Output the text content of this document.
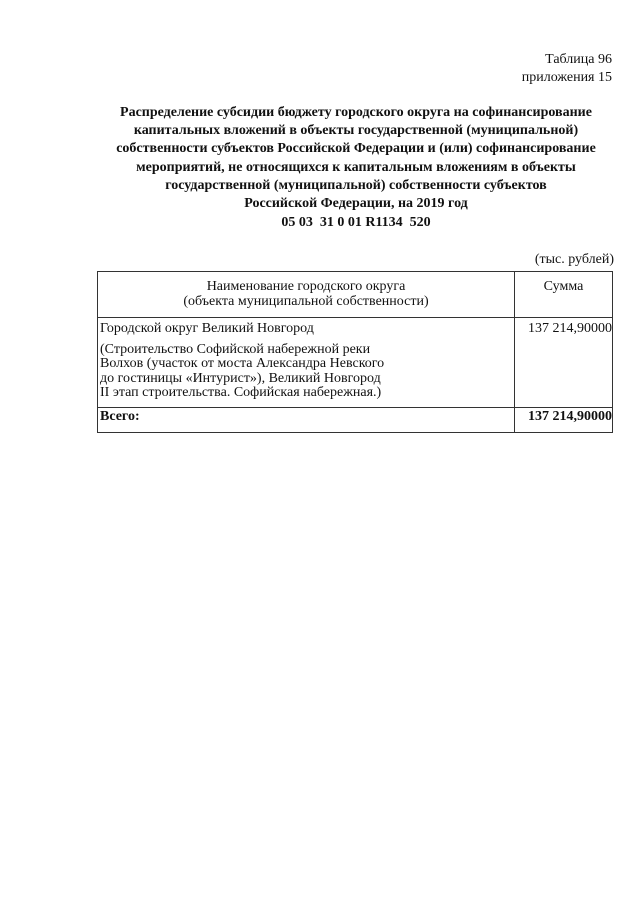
Таблица 96
приложения 15
Распределение субсидии бюджету городского округа на софинансирование
капитальных вложений в объекты государственной (муниципальной)
собственности субъектов Российской Федерации и (или) софинансирование
мероприятий, не относящихся к капитальным вложениям в объекты
государственной (муниципальной) собственности субъектов
Российской Федерации, на 2019 год
05 03  31 0 01 R1134  520
(тыс. рублей)
Наименование городского округа
(объекта муниципальной собственности)	Сумма

Городской округ Великий Новгород
(Строительство Софийской набережной реки
Волхов (участок от моста Александра Невского
до гостиницы «Интурист»), Великий Новгород
II этап строительства. Софийская набережная.)	137 214,90000
Всего:	137 214,90000
